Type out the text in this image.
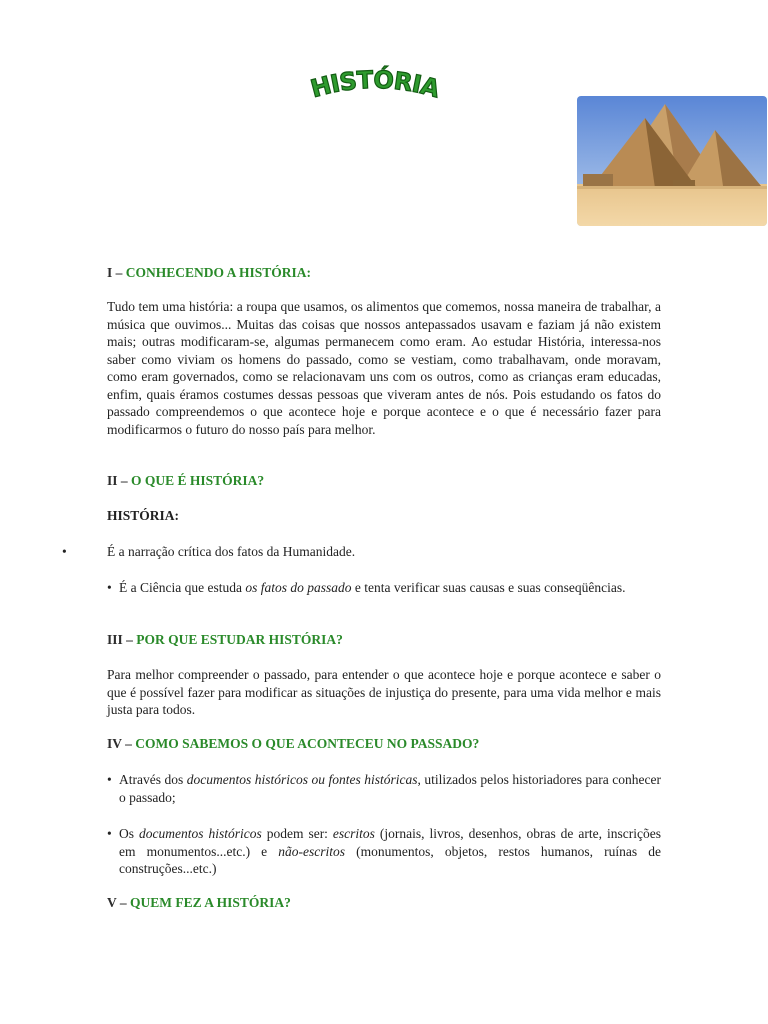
HISTÓRIA
I – CONHECENDO A HISTÓRIA:
Tudo tem uma história: a roupa que usamos, os alimentos que comemos, nossa maneira de trabalhar, a música que ouvimos... Muitas das coisas que nossos antepassados usavam e faziam já não existem mais; outras modificaram-se, algumas permanecem como eram. Ao estudar História, interessa-nos saber como viviam os homens do passado, como se vestiam, como trabalhavam, onde moravam, como eram governados, como se relacionavam uns com os outros, como as crianças eram educadas, enfim, quais éramos costumes dessas pessoas que viveram antes de nós. Pois estudando os fatos do passado compreendemos o que acontece hoje e porque acontece e o que é necessário fazer para modificarmos o futuro do nosso país para melhor.
II – O QUE É HISTÓRIA?
HISTÓRIA:
•	É a narração crítica dos fatos da Humanidade.
• É a Ciência que estuda os fatos do passado e tenta verificar suas causas e suas conseqüências.
III – POR QUE ESTUDAR HISTÓRIA?
Para melhor compreender o passado, para entender o que acontece hoje e porque acontece e saber o que é possível fazer para modificar as situações de injustiça do presente, para uma vida melhor e mais justa para todos.
IV – COMO SABEMOS O QUE ACONTECEU NO PASSADO?
• Através dos documentos históricos ou fontes históricas, utilizados pelos historiadores para conhecer o passado;
• Os documentos históricos podem ser: escritos (jornais, livros, desenhos, obras de arte, inscrições em monumentos...etc.) e não-escritos (monumentos, objetos, restos humanos, ruínas de construções...etc.)
V – QUEM FEZ A HISTÓRIA?
